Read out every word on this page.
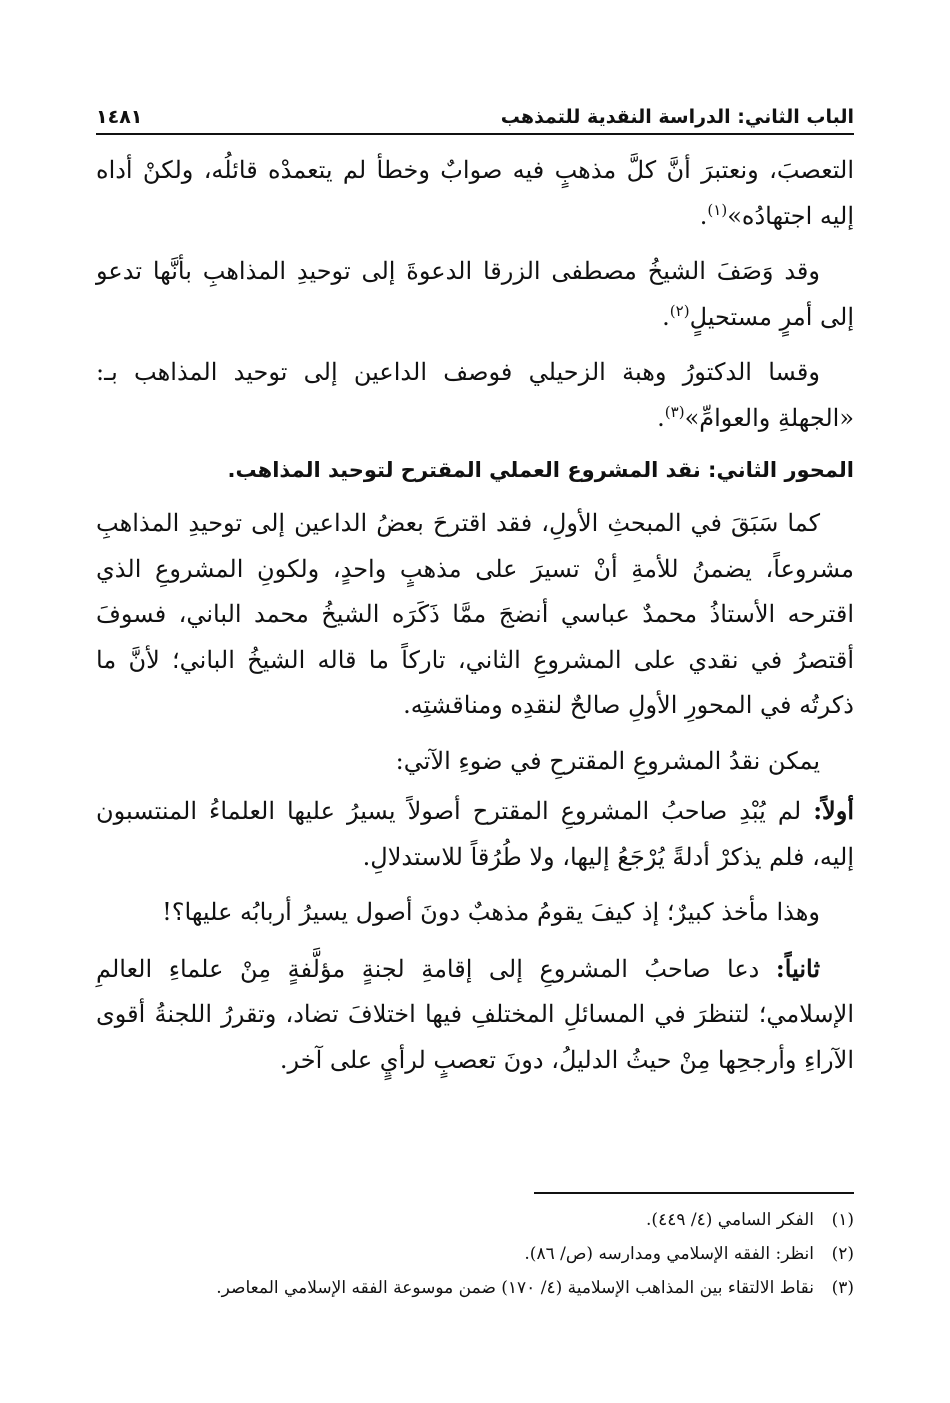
الباب الثاني: الدراسة النقدية للتمذهب
١٤٨١

التعصبَ، ونعتبرَ أنَّ كلَّ مذهبٍ فيه صوابٌ وخطأ لم يتعمدْه قائلُه، ولكنْ أداه إليه اجتهادُه»$^{(١)}$.

وقد وَصَفَ الشيخُ مصطفى الزرقا الدعوةَ إلى توحيدِ المذاهبِ بأنَّها تدعو إلى أمرٍ مستحيلٍ$^{(٢)}$.

وقسا الدكتورُ وهبة الزحيلي فوصف الداعين إلى توحيد المذاهب بـ: «الجهلةِ والعوامِّ»$^{(٣)}$.

المحور الثاني: نقد المشروع العملي المقترح لتوحيد المذاهب.

كما سَبَقَ في المبحثِ الأولِ، فقد اقترحَ بعضُ الداعين إلى توحيدِ المذاهبِ مشروعاً، يضمنُ للأمةِ أنْ تسيرَ على مذهبٍ واحدٍ، ولكونِ المشروعِ الذي اقترحه الأستاذُ محمدٌ عباسي أنضجَ ممَّا ذَكَرَه الشيخُ محمد الباني، فسوفَ أقتصرُ في نقدي على المشروعِ الثاني، تاركاً ما قاله الشيخُ الباني؛ لأنَّ ما ذكرتُه في المحورِ الأولِ صالحٌ لنقدِه ومناقشتِه.

يمكن نقدُ المشروعِ المقترحِ في ضوءِ الآتي:

أولاً: لم يُبْدِ صاحبُ المشروعِ المقترح أصولاً يسيرُ عليها العلماءُ المنتسبون إليه، فلم يذكرْ أدلةً يُرْجَعُ إليها، ولا طُرُقاً للاستدلالِ.

وهذا مأخذ كبيرٌ؛ إذ كيفَ يقومُ مذهبٌ دونَ أصول يسيرُ أربابُه عليها؟!

ثانياً: دعا صاحبُ المشروعِ إلى إقامةِ لجنةٍ مؤلَّفةٍ مِنْ علماءِ العالمِ الإسلامي؛ لتنظرَ في المسائلِ المختلفِ فيها اختلافَ تضاد، وتقررُ اللجنةُ أقوى الآراءِ وأرجحِها مِنْ حيثُ الدليلُ، دونَ تعصبٍ لرأيٍ على آخر.

(١)
الفكر السامي (٤/ ٤٤٩).
(٢)
انظر: الفقه الإسلامي ومدارسه (ص/ ٨٦).
(٣)
نقاط الالتقاء بين المذاهب الإسلامية (٤/ ١٧٠) ضمن موسوعة الفقه الإسلامي المعاصر.
